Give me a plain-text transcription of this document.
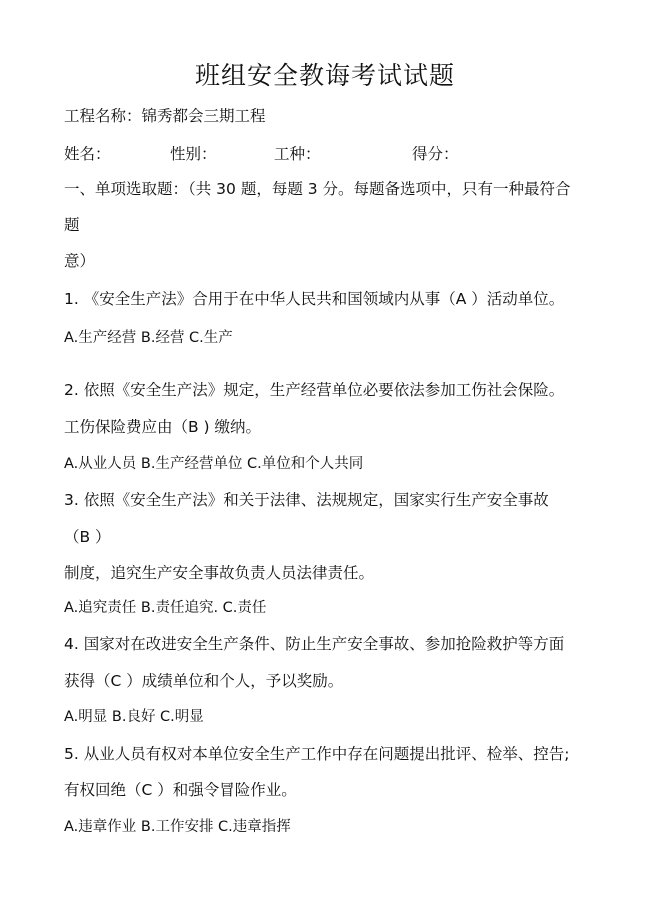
班组安全教诲考试试题
工程名称：锦秀都会三期工程
姓名：	性别：	工种：	得分：
一、单项选取题：（共 30 题，每题 3 分。每题备选项中，只有一种最符合
题
意）
1. 《安全生产法》合用于在中华人民共和国领域内从事（A ）活动单位。
A.生产经营 B.经营 C.生产
2. 依照《安全生产法》规定，生产经营单位必要依法参加工伤社会保险。
工伤保险费应由（B ) 缴纳。
A.从业人员 B.生产经营单位 C.单位和个人共同
3. 依照《安全生产法》和关于法律、法规规定，国家实行生产安全事故
（B ）
制度，追究生产安全事故负责人员法律责任。
A.追究责任 B.责任追究. C.责任
4. 国家对在改进安全生产条件、防止生产安全事故、参加抢险救护等方面
获得（C ）成绩单位和个人，予以奖励。
A.明显 B.良好 C.明显
5. 从业人员有权对本单位安全生产工作中存在问题提出批评、检举、控告;
有权回绝（C ）和强令冒险作业。
A.违章作业 B.工作安排 C.违章指挥
